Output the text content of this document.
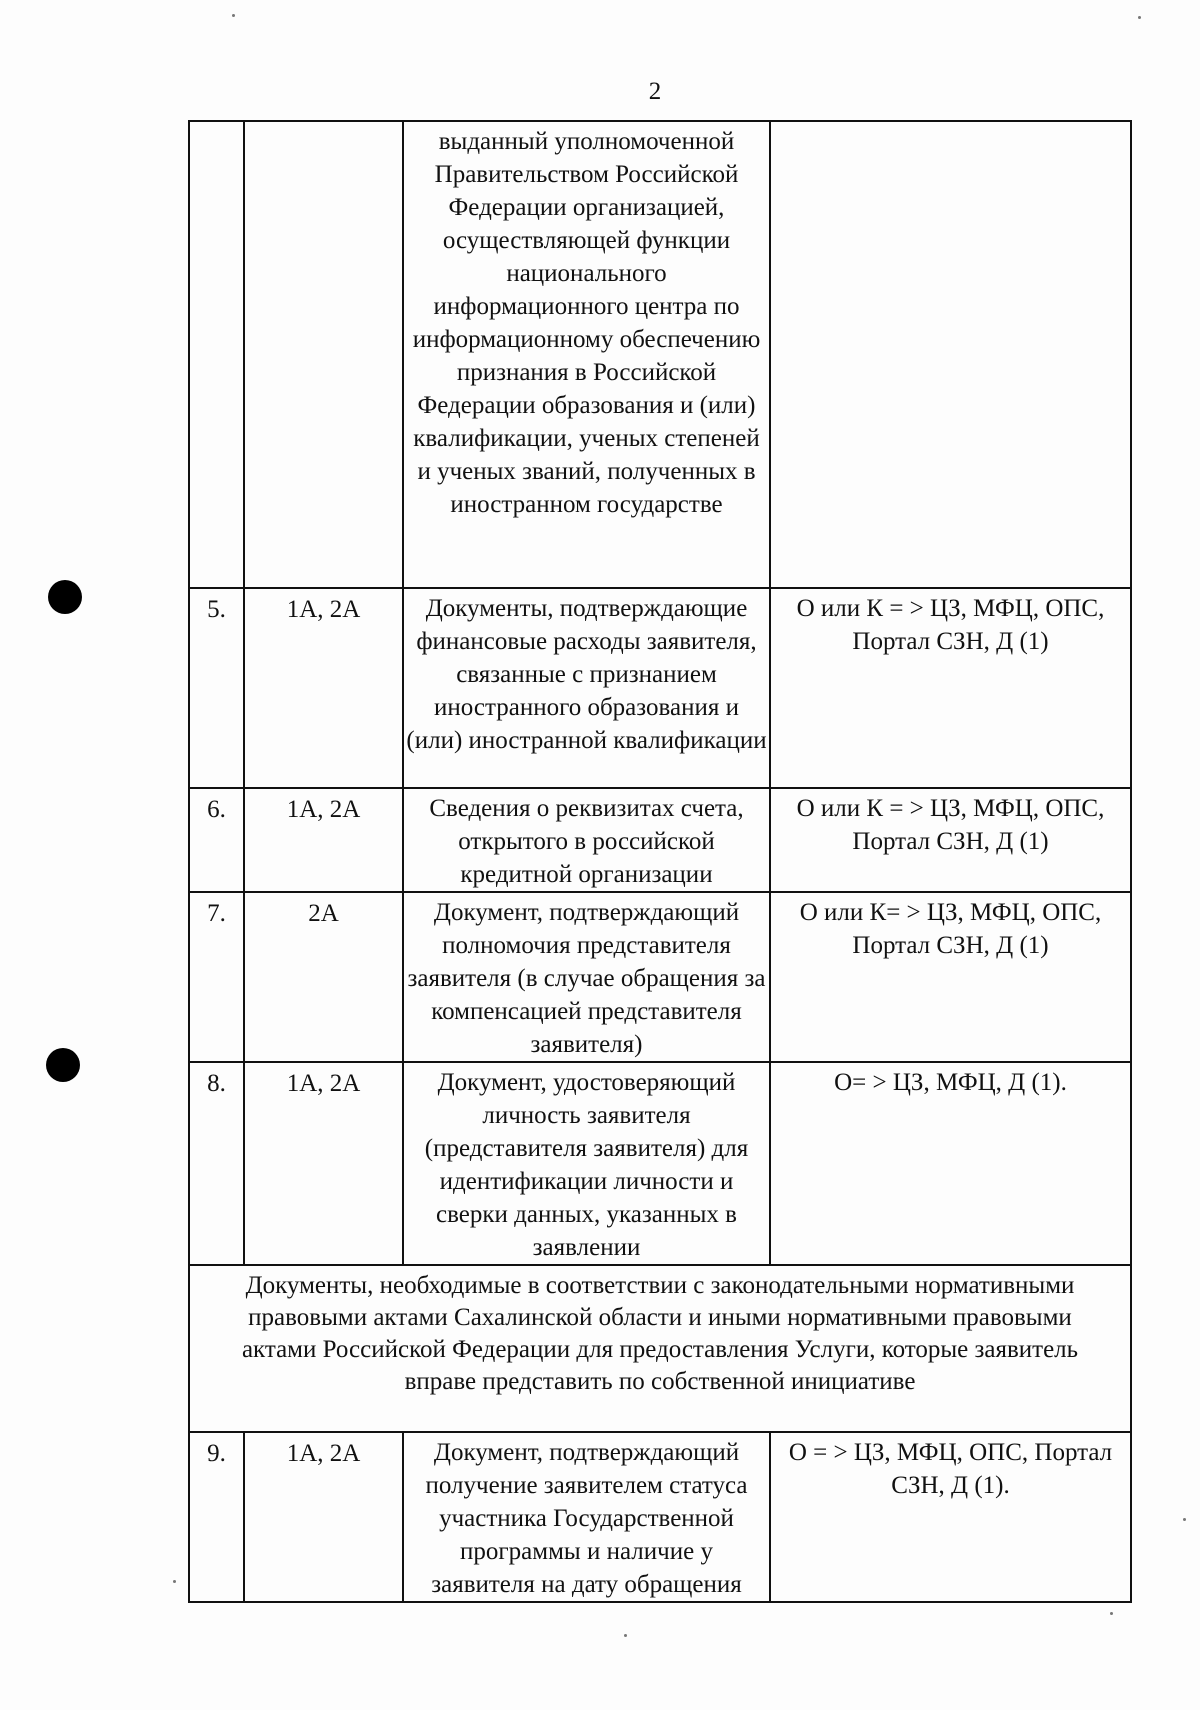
2
		выданный уполномоченной Правительством Российской Федерации организацией, осуществляющей функции национального информационного центра по информационному обеспечению признания в Российской Федерации образования и (или) квалификации, ученых степеней и ученых званий, полученных в иностранном государстве	
5.	1А, 2А	Документы, подтверждающие финансовые расходы заявителя, связанные с признанием иностранного образования и (или) иностранной квалификации	О или К = > ЦЗ, МФЦ, ОПС, Портал СЗН, Д (1)
6.	1А, 2А	Сведения о реквизитах счета, открытого в российской кредитной организации	О или К = > ЦЗ, МФЦ, ОПС, Портал СЗН, Д (1)
7.	2А	Документ, подтверждающий полномочия представителя заявителя (в случае обращения за компенсацией представителя заявителя)	О или К= > ЦЗ, МФЦ, ОПС, Портал СЗН, Д (1)
8.	1А, 2А	Документ, удостоверяющий личность заявителя (представителя заявителя) для идентификации личности и сверки данных, указанных в заявлении	О= > ЦЗ, МФЦ, Д (1).
Документы, необходимые в соответствии с законодательными нормативными правовыми актами Сахалинской области и иными нормативными правовыми актами Российской Федерации для предоставления Услуги, которые заявитель вправе представить по собственной инициативе			
9.	1А, 2А	Документ, подтверждающий получение заявителем статуса участника Государственной программы и наличие у заявителя на дату обращения	О = > ЦЗ, МФЦ, ОПС, Портал СЗН, Д (1).
